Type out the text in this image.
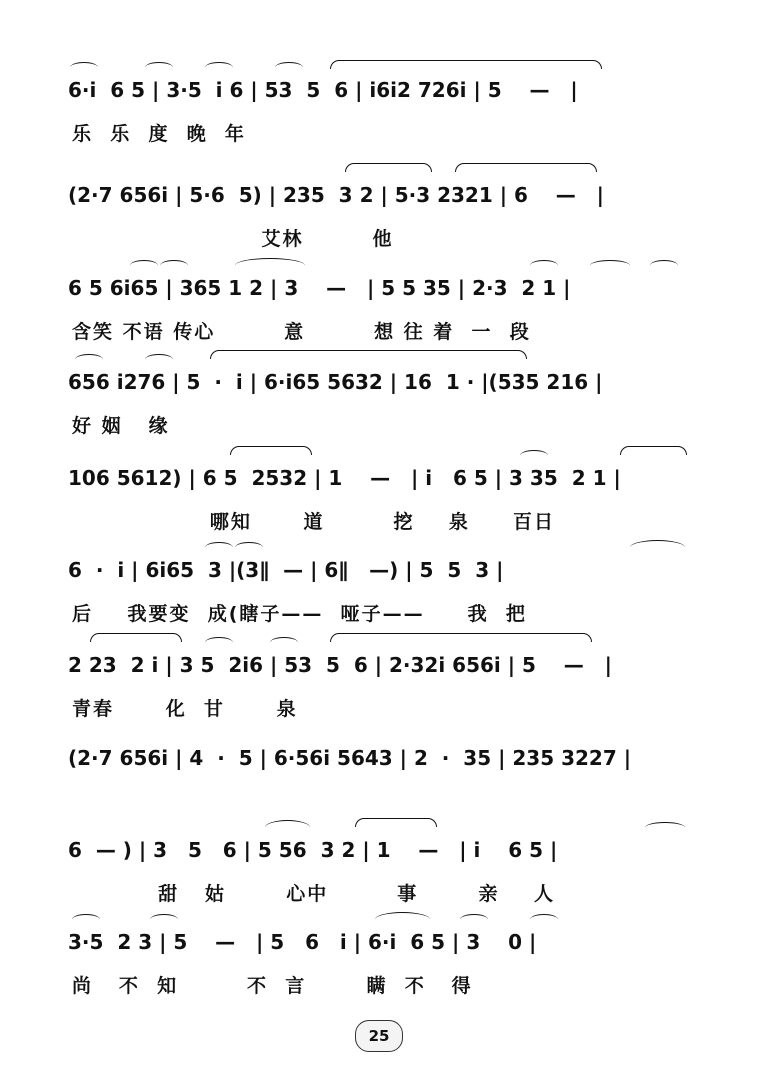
6·i  6 5 | 3·5  i 6 | 53  5  6 | i6i2 726i | 5    —   |
乐  乐  度  晚  年
(2·7 656i | 5·6  5) | 235  3 2 | 5·3 2321 | 6    —   |
艾林        他
6 5 6i65 | 365 1 2 | 3    —   | 5 5 35 | 2·3  2 1 |
含笑 不语 传心        意        想 往 着  一  段
656 i276 | 5  ·  i | 6·i65 5632 | 16  1 · |(535 216 |
好 姻   缘
106 5612) | 6 5  2532 | 1    —   | i   6 5 | 3 35  2 1 |
哪知      道        挖    泉     百日
6  ·  i | 6i65  3 |(3∥  — | 6∥   —) | 5  5  3 |
后    我要变  成(瞎子——  哑子——     我  把
2 23  2 i | 3 5  2i6 | 53  5  6 | 2·32i 656i | 5    —   |
青春      化  甘      泉
(2·7 656i | 4  ·  5 | 6·56i 5643 | 2  ·  35 | 235 3227 |
6  — ) | 3   5   6 | 5 56  3 2 | 1    —   | i    6 5 |
甜   姑       心中        事       亲    人
3·5  2 3 | 5    —   | 5   6   i | 6·i  6 5 | 3    0 |
尚   不  知        不  言       瞒  不   得
25
